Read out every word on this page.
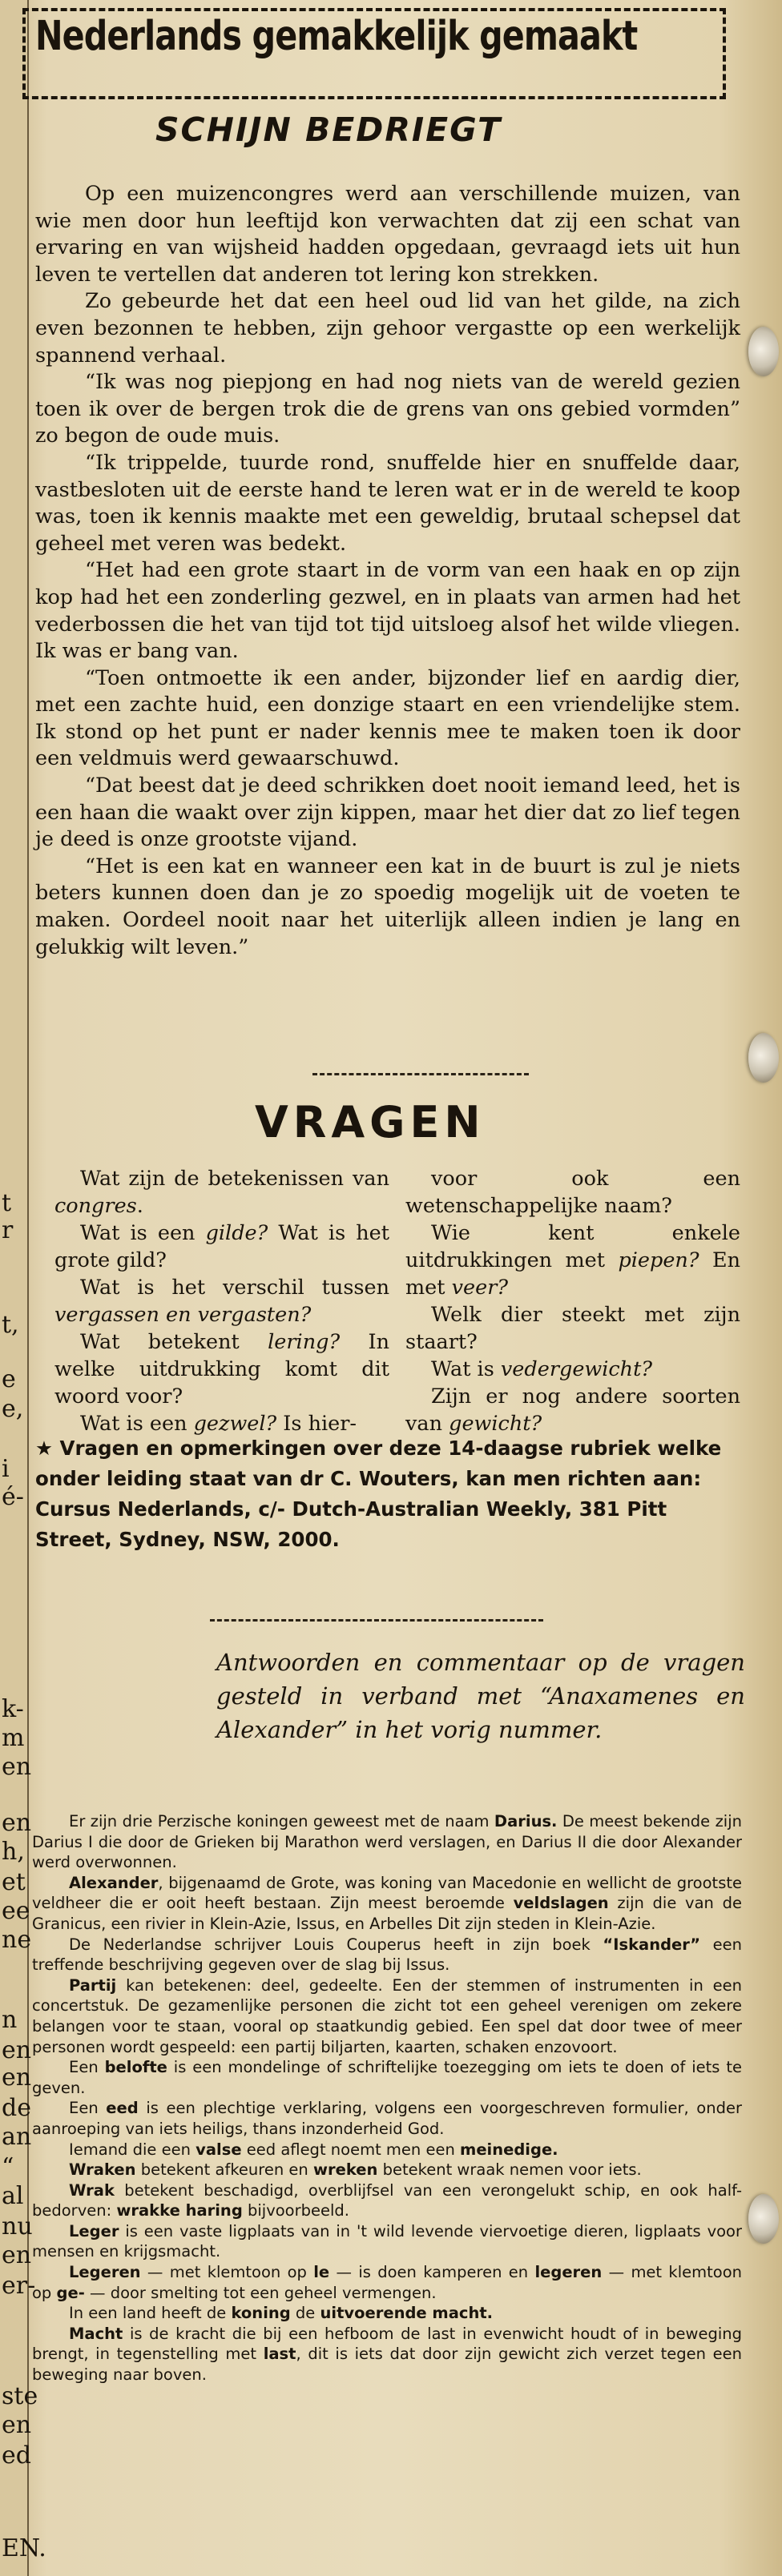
t
r
t,
e
e,
i
é-
k-
m
en
en
h,
et
ee
ne
n
en
en
de
an
“
al
nu
en
er-
ste
en
ed
EN.
Nederlands gemakkelijk gemaakt
SCHIJN BEDRIEGT

Op een muizencongres werd aan verschillende muizen, van wie men door hun leeftijd kon verwachten dat zij een schat van ervaring en van wijsheid hadden opgedaan, gevraagd iets uit hun leven te vertellen dat anderen tot lering kon strekken.

Zo gebeurde het dat een heel oud lid van het gilde, na zich even bezonnen te hebben, zijn gehoor vergastte op een werkelijk spannend verhaal.

“Ik was nog piepjong en had nog niets van de wereld gezien toen ik over de bergen trok die de grens van ons gebied vormden” zo begon de oude muis.

“Ik trippelde, tuurde rond, snuffelde hier en snuffelde daar, vastbesloten uit de eerste hand te leren wat er in de wereld te koop was, toen ik kennis maakte met een geweldig, brutaal schepsel dat geheel met veren was bedekt.

“Het had een grote staart in de vorm van een haak en op zijn kop had het een zonderling gezwel, en in plaats van armen had het vederbossen die het van tijd tot tijd uitsloeg alsof het wilde vliegen. Ik was er bang van.

“Toen ontmoette ik een ander, bijzonder lief en aardig dier, met een zachte huid, een donzige staart en een vriendelijke stem. Ik stond op het punt er nader kennis mee te maken toen ik door een veldmuis werd gewaarschuwd.

“Dat beest dat je deed schrikken doet nooit iemand leed, het is een haan die waakt over zijn kippen, maar het dier dat zo lief tegen je deed is onze grootste vijand.

“Het is een kat en wanneer een kat in de buurt is zul je niets beters kunnen doen dan je zo spoedig mogelijk uit de voeten te maken. Oordeel nooit naar het uiterlijk alleen indien je lang en gelukkig wilt leven.”

VRAGEN

Wat zijn de betekenissen van congres.

Wat is een gilde? Wat is het grote gild?

Wat is het verschil tussen vergassen en vergasten?

Wat betekent lering? In welke uitdrukking komt dit woord voor?

Wat is een gezwel? Is hier-

voor ook een wetenschappelijke naam?

Wie kent enkele uitdrukkingen met piepen? En met veer?

Welk dier steekt met zijn staart?

Wat is vedergewicht?

Zijn er nog andere soorten van gewicht?

★ Vragen en opmerkingen over deze 14-daagse rubriek welke onder leiding staat van dr C. Wouters, kan men richten aan: Cursus Nederlands, c/- Dutch-Australian Weekly, 381 Pitt Street, Sydney, NSW, 2000.
Antwoorden en commentaar op de vragen gesteld in verband met “Anaxamenes en Alexander” in het vorig nummer.

Er zijn drie Perzische koningen geweest met de naam Darius. De meest bekende zijn Darius I die door de Grieken bij Marathon werd verslagen, en Darius II die door Alexander werd overwonnen.

Alexander, bijgenaamd de Grote, was koning van Macedonie en wellicht de grootste veldheer die er ooit heeft bestaan. Zijn meest beroemde veldslagen zijn die van de Granicus, een rivier in Klein-Azie, Issus, en Arbelles Dit zijn steden in Klein-Azie.

De Nederlandse schrijver Louis Couperus heeft in zijn boek “Iskander” een treffende beschrijving gegeven over de slag bij Issus.

Partij kan betekenen: deel, gedeelte. Een der stemmen of instrumenten in een concertstuk. De gezamenlijke personen die zicht tot een geheel verenigen om zekere belangen voor te staan, vooral op staatkundig gebied. Een spel dat door twee of meer personen wordt gespeeld: een partij biljarten, kaarten, schaken enzovoort.

Een belofte is een mondelinge of schriftelijke toezegging om iets te doen of iets te geven.

Een eed is een plechtige verklaring, volgens een voorgeschreven formulier, onder aanroeping van iets heiligs, thans inzonderheid God.

Iemand die een valse eed aflegt noemt men een meinedige.

Wraken betekent afkeuren en wreken betekent wraak nemen voor iets.

Wrak betekent beschadigd, overblijfsel van een verongelukt schip, en ook half-bedorven: wrakke haring bijvoorbeeld.

Leger is een vaste ligplaats van in 't wild levende viervoetige dieren, ligplaats voor mensen en krijgsmacht.

Legeren — met klemtoon op le — is doen kamperen en legeren — met klemtoon op ge- — door smelting tot een geheel vermengen.

In een land heeft de koning de uitvoerende macht.

Macht is de kracht die bij een hefboom de last in evenwicht houdt of in beweging brengt, in tegenstelling met last, dit is iets dat door zijn gewicht zich verzet tegen een beweging naar boven.
